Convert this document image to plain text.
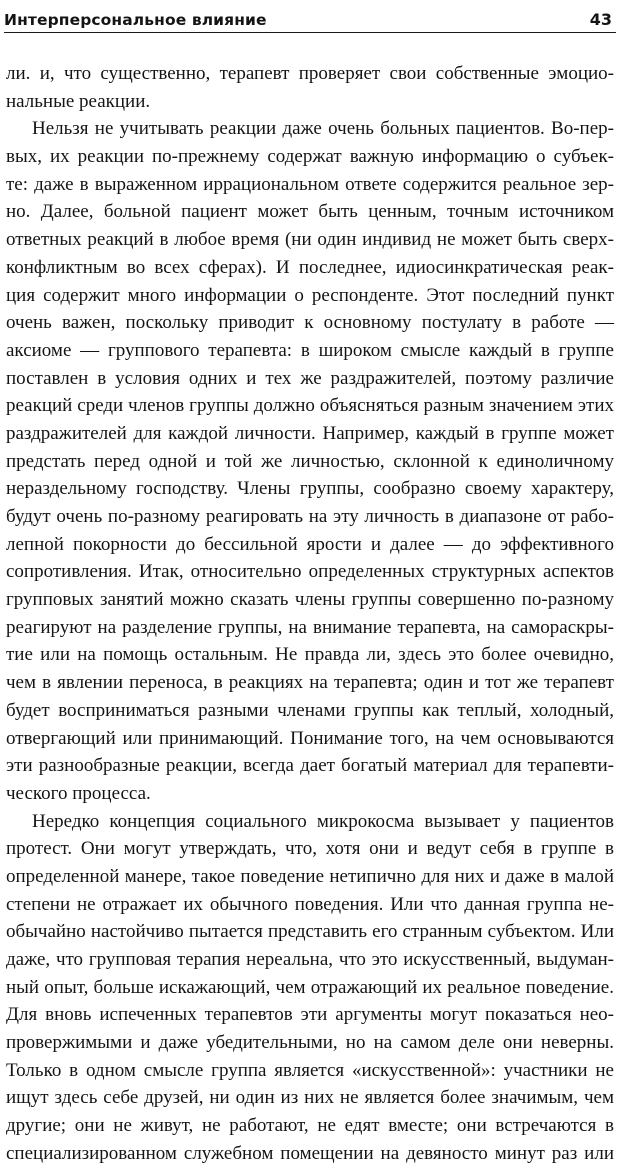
Интерперсональное влияние	43
ли. и, что существенно, терапевт проверяет свои собственные эмоцио-
нальные реакции.
Нельзя не учитывать реакции даже очень больных пациентов. Во-пер-
вых, их реакции по-прежнему содержат важную информацию о субъек-
те: даже в выраженном иррациональном ответе содержится реальное зер-
но. Далее, больной пациент может быть ценным, точным источником
ответных реакций в любое время (ни один индивид не может быть сверх-
конфликтным во всех сферах). И последнее, идиосинкратическая реак-
ция содержит много информации о респонденте. Этот последний пункт
очень важен, поскольку приводит к основному постулату в работе —
аксиоме — группового терапевта: в широком смысле каждый в группе
поставлен в условия одних и тех же раздражителей, поэтому различие
реакций среди членов группы должно объясняться разным значением этих
раздражителей для каждой личности. Например, каждый в группе может
предстать перед одной и той же личностью, склонной к единоличному
нераздельному господству. Члены группы, сообразно своему характеру,
будут очень по-разному реагировать на эту личность в диапазоне от рабо-
лепной покорности до бессильной ярости и далее — до эффективного
сопротивления. Итак, относительно определенных структурных аспектов
групповых занятий можно сказать члены группы совершенно по-разному
реагируют на разделение группы, на внимание терапевта, на самораскры-
тие или на помощь остальным. Не правда ли, здесь это более очевидно,
чем в явлении переноса, в реакциях на терапевта; один и тот же терапевт
будет восприниматься разными членами группы как теплый, холодный,
отвергающий или принимающий. Понимание того, на чем основываются
эти разнообразные реакции, всегда дает богатый материал для терапевти-
ческого процесса.
Нередко концепция социального микрокосма вызывает у пациентов
протест. Они могут утверждать, что, хотя они и ведут себя в группе в
определенной манере, такое поведение нетипично для них и даже в малой
степени не отражает их обычного поведения. Или что данная группа не-
обычайно настойчиво пытается представить его странным субъектом. Или
даже, что групповая терапия нереальна, что это искусственный, выдуман-
ный опыт, больше искажающий, чем отражающий их реальное поведение.
Для вновь испеченных терапевтов эти аргументы могут показаться нео-
провержимыми и даже убедительными, но на самом деле они неверны.
Только в одном смысле группа является «искусственной»: участники не
ищут здесь себе друзей, ни один из них не является более значимым, чем
другие; они не живут, не работают, не едят вместе; они встречаются в
специализированном служебном помещении на девяносто минут раз или
